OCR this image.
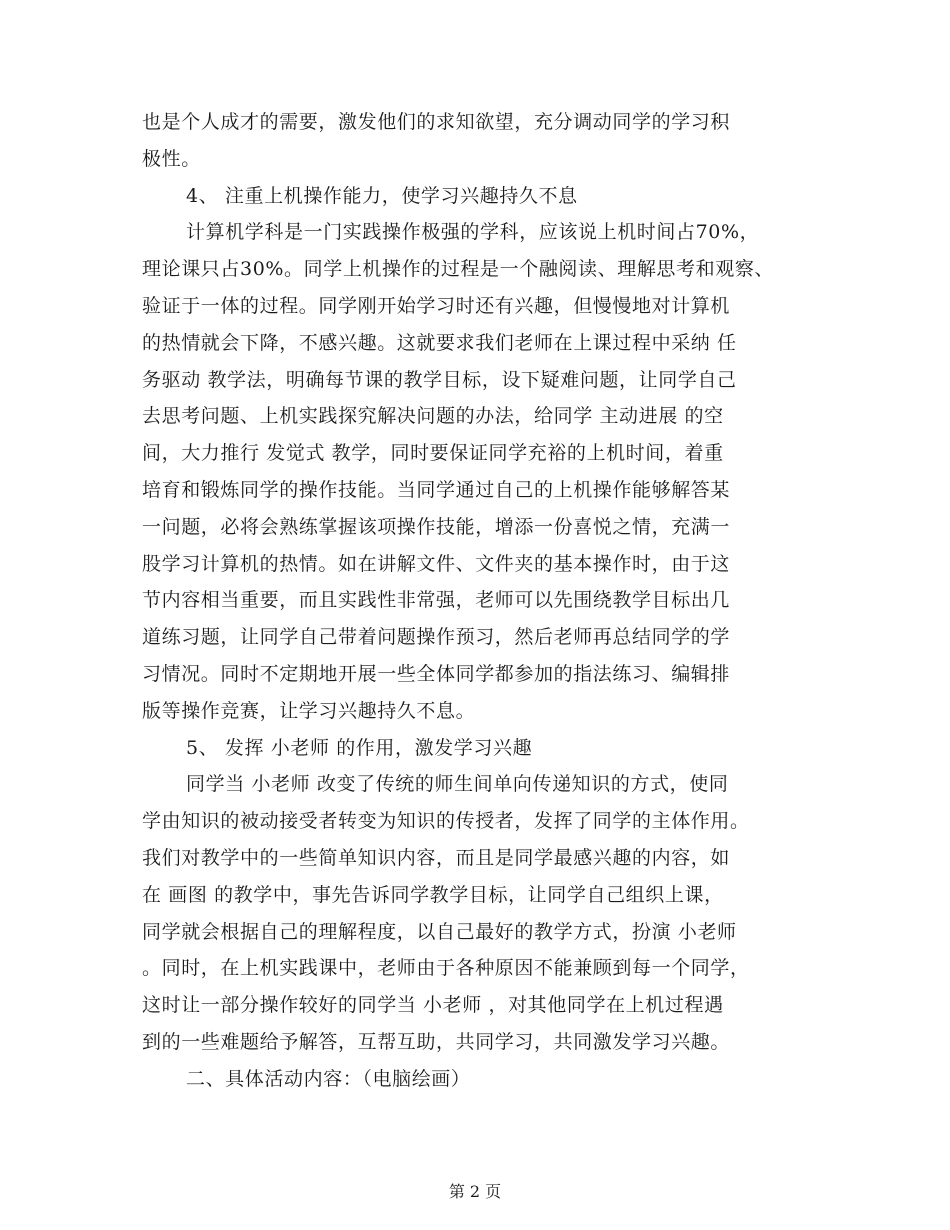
也是个人成才的需要，激发他们的求知欲望，充分调动同学的学习积
极性。
4、 注重上机操作能力，使学习兴趣持久不息
计算机学科是一门实践操作极强的学科，应该说上机时间占70%，
理论课只占30%。同学上机操作的过程是一个融阅读、理解思考和观察、
验证于一体的过程。同学刚开始学习时还有兴趣，但慢慢地对计算机
的热情就会下降，不感兴趣。这就要求我们老师在上课过程中采纳 任
务驱动 教学法，明确每节课的教学目标，设下疑难问题，让同学自己
去思考问题、上机实践探究解决问题的办法，给同学 主动进展 的空
间，大力推行 发觉式 教学，同时要保证同学充裕的上机时间，着重
培育和锻炼同学的操作技能。当同学通过自己的上机操作能够解答某
一问题，必将会熟练掌握该项操作技能，增添一份喜悦之情，充满一
股学习计算机的热情。如在讲解文件、文件夹的基本操作时，由于这
节内容相当重要，而且实践性非常强，老师可以先围绕教学目标出几
道练习题，让同学自己带着问题操作预习，然后老师再总结同学的学
习情况。同时不定期地开展一些全体同学都参加的指法练习、编辑排
版等操作竞赛，让学习兴趣持久不息。
5、 发挥 小老师 的作用，激发学习兴趣
同学当 小老师 改变了传统的师生间单向传递知识的方式，使同
学由知识的被动接受者转变为知识的传授者，发挥了同学的主体作用。
我们对教学中的一些简单知识内容，而且是同学最感兴趣的内容，如
在 画图 的教学中，事先告诉同学教学目标，让同学自己组织上课，
同学就会根据自己的理解程度，以自己最好的教学方式，扮演 小老师
。同时，在上机实践课中，老师由于各种原因不能兼顾到每一个同学，
这时让一部分操作较好的同学当 小老师 ，对其他同学在上机过程遇
到的一些难题给予解答，互帮互助，共同学习，共同激发学习兴趣。
二、具体活动内容：（电脑绘画）
第 2 页
